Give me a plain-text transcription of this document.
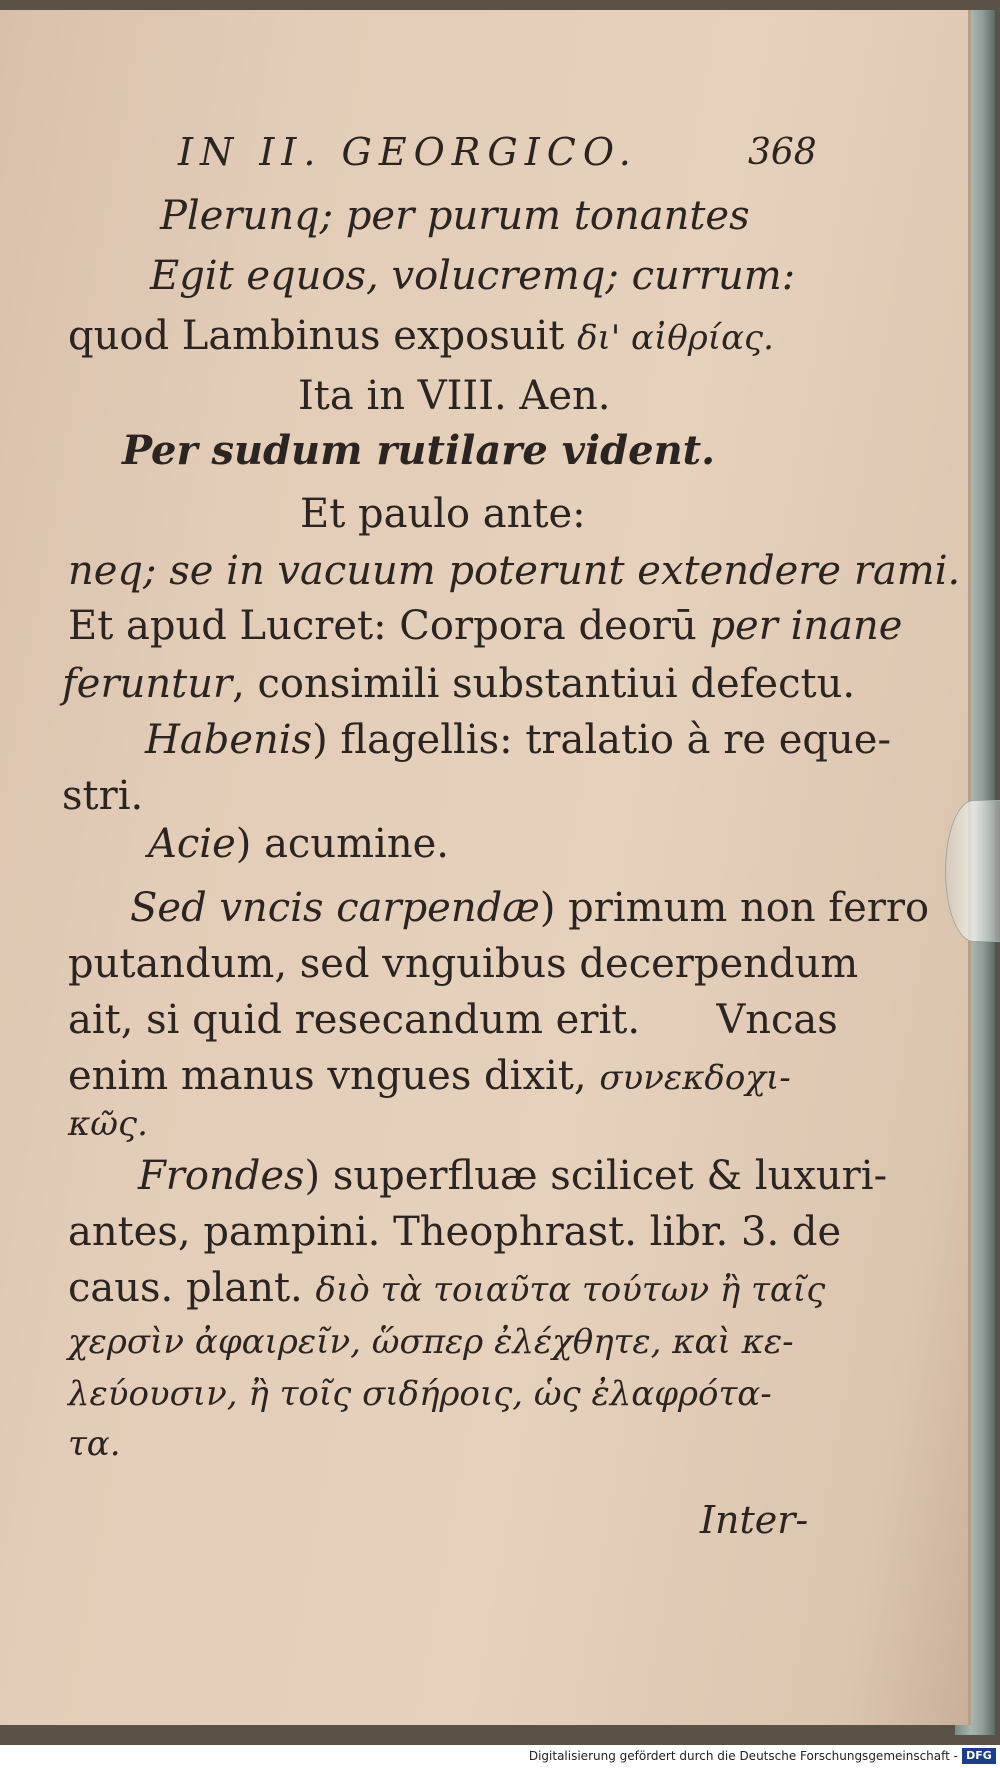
IN II. GEORGICO.	368
Plerunq; per purum tonantes
Egit equos, volucremq; currum:
quod Lambinus exposuit δι' αἰθρίας.
Ita in VIII. Aen.
Per sudum rutilare vident.
Et paulo ante:
neq; se in vacuum poterunt extendere rami.
Et apud Lucret: Corpora deorū per inane
feruntur, consimili substantiui defectu.
Habenis) flagellis: tralatio à re eque-
stri.
Acie) acumine.
Sed vncis carpendæ) primum non ferro
putandum, sed vnguibus decerpendum
ait, si quid resecandum erit.      Vncas
enim manus vngues dixit, συνεκδοχι-
κῶς.
Frondes) superfluæ scilicet & luxuri-
antes, pampini. Theophrast. libr. 3. de
caus. plant. διὸ τὰ τοιαῦτα τούτων ἢ ταῖς
χερσὶν ἀφαιρεῖν, ὥσπερ ἐλέχθητε, καὶ κε-
λεύουσιν, ἢ τοῖς σιδήροις, ὡς ἐλαφρότα-
τα.
Inter-
Digitalisierung gefördert durch die Deutsche Forschungsgemeinschaft - DFG
